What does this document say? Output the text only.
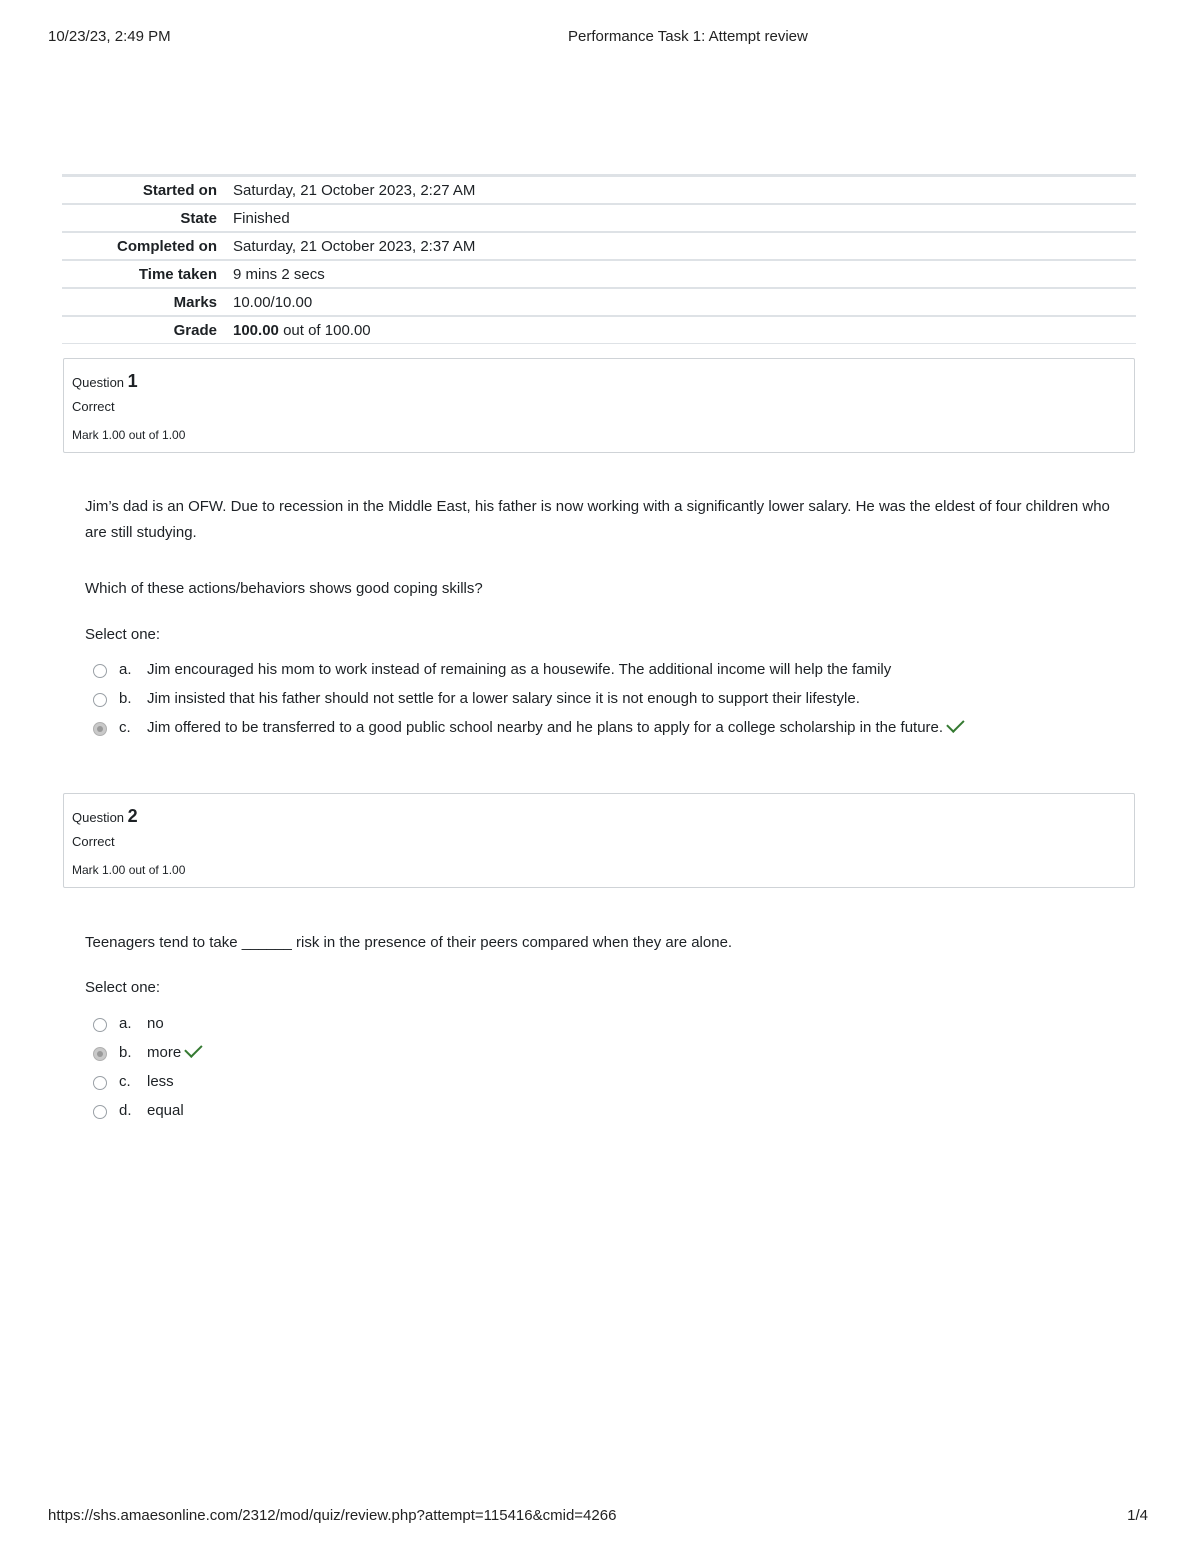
10/23/23, 2:49 PM	Performance Task 1: Attempt review
Started on	Saturday, 21 October 2023, 2:27 AM
State	Finished
Completed on	Saturday, 21 October 2023, 2:37 AM
Time taken	9 mins 2 secs
Marks	10.00/10.00
Grade	100.00 out of 100.00
Question 1
Correct
Mark 1.00 out of 1.00
Jim’s dad is an OFW. Due to recession in the Middle East, his father is now working with a significantly lower salary. He was the eldest of four children who are still studying.
Which of these actions/behaviors shows good coping skills?
Select one:
a. Jim encouraged his mom to work instead of remaining as a housewife. The additional income will help the family
b. Jim insisted that his father should not settle for a lower salary since it is not enough to support their lifestyle.
c. Jim offered to be transferred to a good public school nearby and he plans to apply for a college scholarship in the future.
Question 2
Correct
Mark 1.00 out of 1.00
Teenagers tend to take ______ risk in the presence of their peers compared when they are alone.
Select one:
a. no
b. more
c. less
d. equal
https://shs.amaesonline.com/2312/mod/quiz/review.php?attempt=115416&cmid=4266	1/4
